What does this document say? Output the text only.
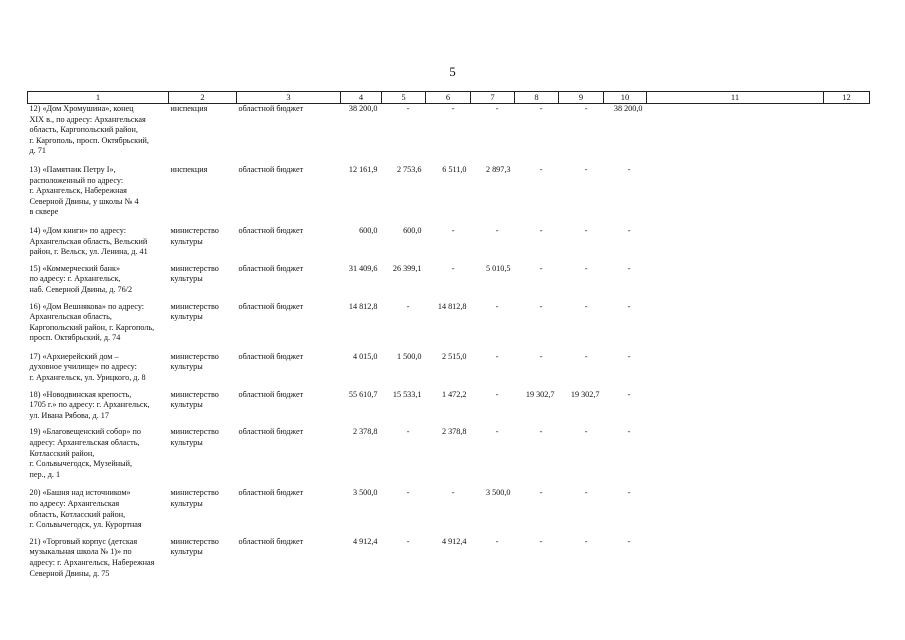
5
1	2	3	4	5	6	7	8	9	10	11	12
12) «Дом Хромушина», конец
XIX в., по адресу: Архангельская
область, Каргопольский район,
г. Каргополь, просп. Октябрьский,
д. 71	инспекция	областной бюджет	38 200,0	-	-	-	-	-	38 200,0		
13) «Памятник Петру I»,
расположенный по адресу:
г. Архангельск, Набережная
Северной Двины, у школы № 4
в сквере	инспекция	областной бюджет	12 161,9	2 753,6	6 511,0	2 897,3	-	-	-		
14) «Дом книги» по адресу:
Архангельская область, Вельский
район, г. Вельск, ул. Ленина, д. 41	министерство
культуры	областной бюджет	600,0	600,0	-	-	-	-	-		
15) «Коммерческий банк»
по адресу: г. Архангельск,
наб. Северной Двины, д. 76/2	министерство
культуры	областной бюджет	31 409,6	26 399,1	-	5 010,5	-	-	-		
16) «Дом Вешнякова» по адресу:
Архангельская область,
Каргопольский район, г. Каргополь,
просп. Октябрьский, д. 74	министерство
культуры	областной бюджет	14 812,8	-	14 812,8	-	-	-	-		
17) «Архиерейский дом –
духовное училище» по адресу:
г. Архангельск, ул. Урицкого, д. 8	министерство
культуры	областной бюджет	4 015,0	1 500,0	2 515,0	-	-	-	-		
18) «Новодвинская крепость,
1705 г.» по адресу: г. Архангельск,
ул. Ивана Рябова, д. 17	министерство
культуры	областной бюджет	55 610,7	15 533,1	1 472,2	-	19 302,7	19 302,7	-		
19) «Благовещенский собор» по
адресу: Архангельская область,
Котласский район,
г. Сольвычегодск, Музейный,
пер., д. 1	министерство
культуры	областной бюджет	2 378,8	-	2 378,8	-	-	-	-		
20) «Башня над источником»
по адресу: Архангельская
область, Котласский район,
г. Сольвычегодск, ул. Курортная	министерство
культуры	областной бюджет	3 500,0	-	-	3 500,0	-	-	-		
21) «Торговый корпус (детская
музыкальная школа № 1)» по
адресу: г. Архангельск, Набережная
Северной Двины, д. 75	министерство
культуры	областной бюджет	4 912,4	-	4 912,4	-	-	-	-		
